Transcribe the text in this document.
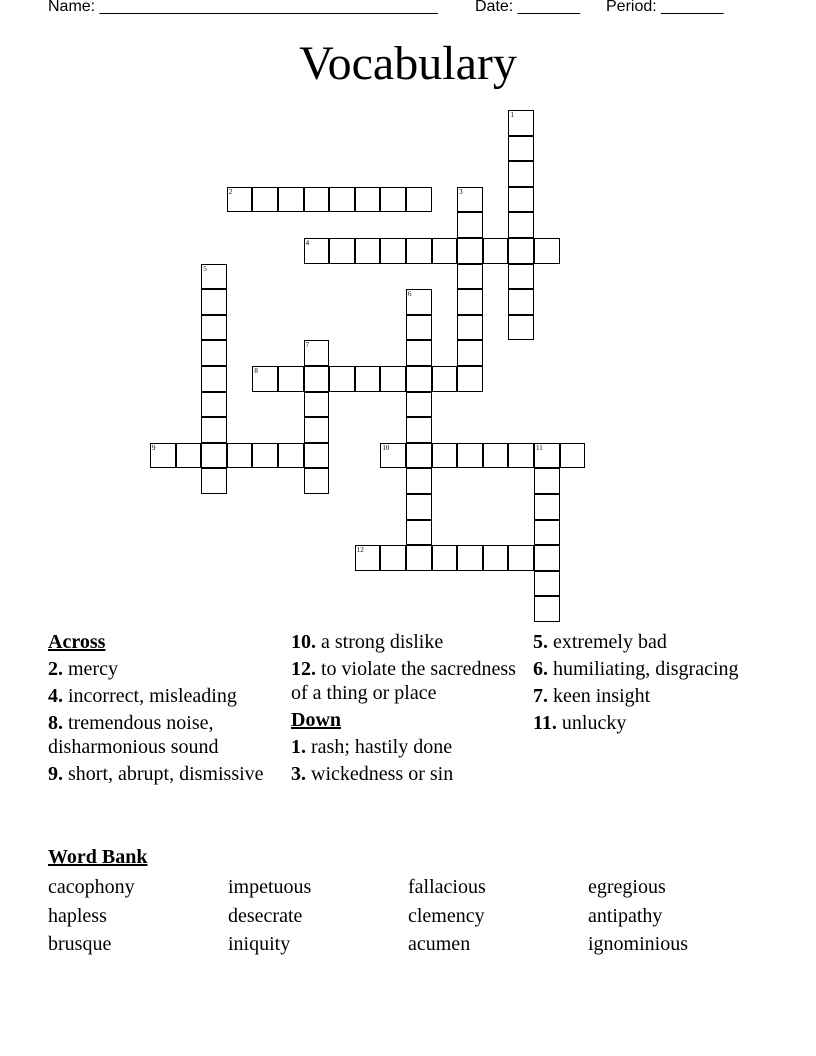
Name: ______________________________________ Date: _______ Period: _______
Vocabulary
1
2	3
4
5
6
7
8
9	10	11
12
Across
2. mercy
4. incorrect, misleading
8. tremendous noise, disharmonious sound
9. short, abrupt, dismissive
10. a strong dislike
12. to violate the sacredness of a thing or place
Down
1. rash; hastily done
3. wickedness or sin
5. extremely bad
6. humiliating, disgracing
7. keen insight
11. unlucky
Word Bank
cacophony	impetuous	fallacious	egregious
hapless	desecrate	clemency	antipathy
brusque	iniquity	acumen	ignominious
